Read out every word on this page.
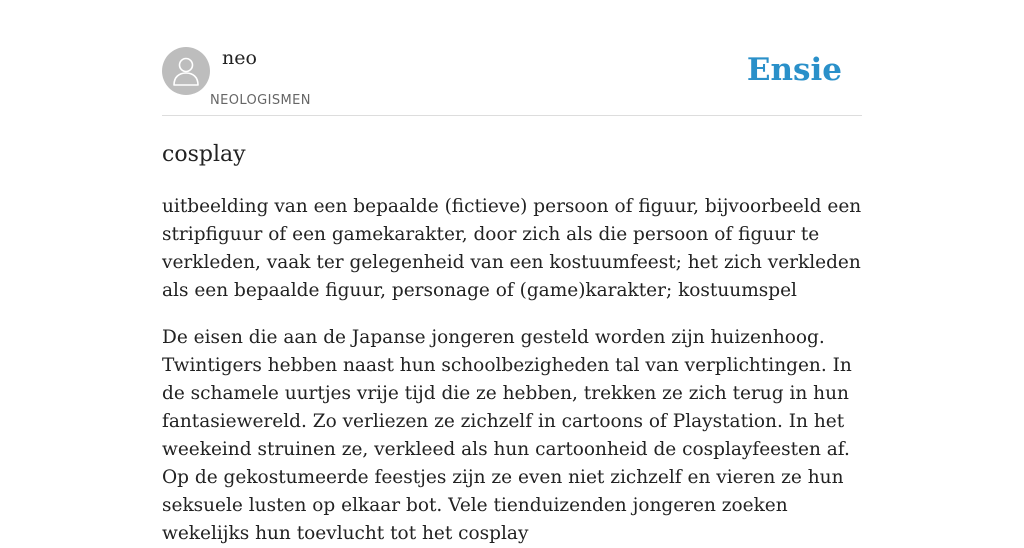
neo
NEOLOGISMEN
Ensie
cosplay

uitbeelding van een bepaalde (fictieve) persoon of figuur, bijvoorbeeld een stripfiguur of een gamekarakter, door zich als die persoon of figuur te verkleden, vaak ter gelegenheid van een kostuumfeest; het zich verkleden als een bepaalde figuur, personage of (game)karakter; kostuumspel

De eisen die aan de Japanse jongeren gesteld worden zijn huizenhoog. Twintigers hebben naast hun schoolbezigheden tal van verplichtingen. In de schamele uurtjes vrije tijd die ze hebben, trekken ze zich terug in hun fantasiewereld. Zo verliezen ze zichzelf in cartoons of Playstation. In het weekeind struinen ze, verkleed als hun cartoonheid de cosplayfeesten af. Op de gekostumeerde feestjes zijn ze even niet zichzelf en vieren ze hun seksuele lusten op elkaar bot. Vele tienduizenden jongeren zoeken wekelijks hun toevlucht tot het cosplay
